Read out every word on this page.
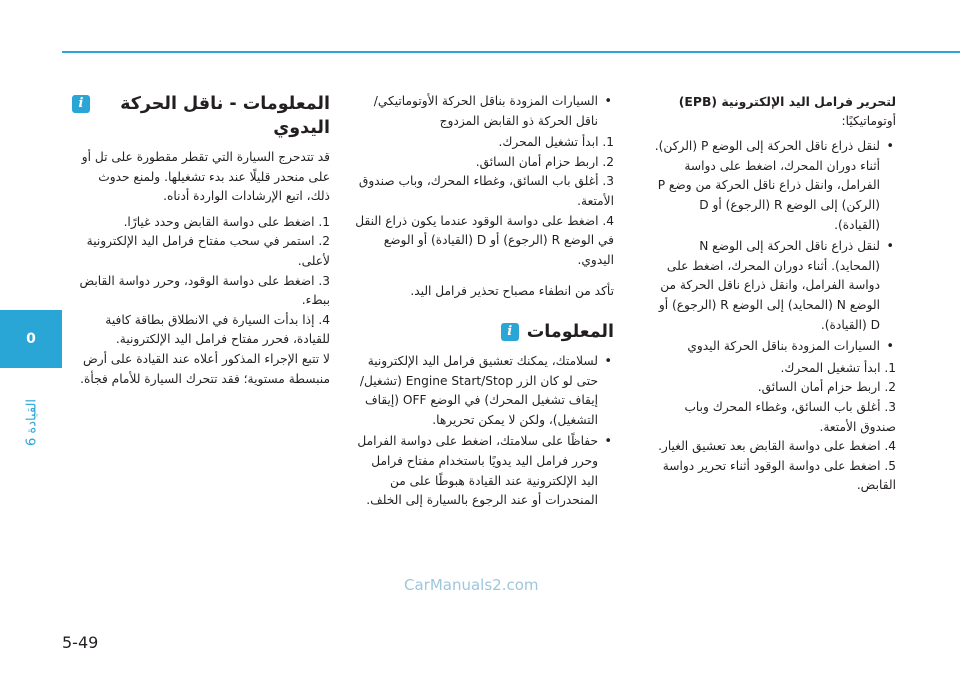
0
القيادة 6

لتحرير فرامل اليد الإلكترونية (EPB)

أوتوماتيكيًا:

• لنقل ذراع ناقل الحركة إلى الوضع P (الركن). أثناء دوران المحرك، اضغط على دواسة الفرامل، وانقل ذراع ناقل الحركة من وضع P (الركن) إلى الوضع R (الرجوع) أو D (القيادة).
• لنقل ذراع ناقل الحركة إلى الوضع N (المحايد). أثناء دوران المحرك، اضغط على دواسة الفرامل، وانقل ذراع ناقل الحركة من الوضع N (المحايد) إلى الوضع R (الرجوع) أو D (القيادة).
• السيارات المزودة بناقل الحركة اليدوي
1. ابدأ تشغيل المحرك.
2. اربط حزام أمان السائق.
3. أغلق باب السائق، وغطاء المحرك وباب صندوق الأمتعة.
4. اضغط على دواسة القابض بعد تعشيق الغيار.
5. اضغط على دواسة الوقود أثناء تحرير دواسة القابض.
• السيارات المزودة بناقل الحركة الأوتوماتيكي/ ناقل الحركة ذو القابض المزدوج
1. ابدأ تشغيل المحرك.
2. اربط حزام أمان السائق.
3. أغلق باب السائق، وغطاء المحرك، وباب صندوق الأمتعة.
4. اضغط على دواسة الوقود عندما يكون ذراع النقل في الوضع R (الرجوع) أو D (القيادة) أو الوضع اليدوي.

تأكد من انطفاء مصباح تحذير فرامل اليد.

المعلومات
i
• لسلامتك، يمكنك تعشيق فرامل اليد الإلكترونية حتى لو كان الزر Engine Start/Stop (تشغيل/ إيقاف تشغيل المحرك) في الوضع OFF (إيقاف التشغيل)، ولكن لا يمكن تحريرها.
• حفاظًا على سلامتك، اضغط على دواسة الفرامل وحرر فرامل اليد يدويًا باستخدام مفتاح فرامل اليد الإلكترونية عند القيادة هبوطًا على من المنحدرات أو عند الرجوع بالسيارة إلى الخلف.
المعلومات - ناقل الحركة اليدوي
i

قد تتدحرج السيارة التي تقطر مقطورة على تل أو على منحدر قليلًا عند بدء تشغيلها. ولمنع حدوث ذلك، اتبع الإرشادات الواردة أدناه.

1. اضغط على دواسة القابض وحدد غيارًا.
2. استمر في سحب مفتاح فرامل اليد الإلكترونية لأعلى.
3. اضغط على دواسة الوقود، وحرر دواسة القابض ببطء.
4. إذا بدأت السيارة في الانطلاق بطاقة كافية للقيادة، فحرر مفتاح فرامل اليد الإلكترونية.
لا تتبع الإجراء المذكور أعلاه عند القيادة على أرض منبسطة مستوية؛ فقد تتحرك السيارة للأمام فجأة.
CarManuals2.com
5-49
